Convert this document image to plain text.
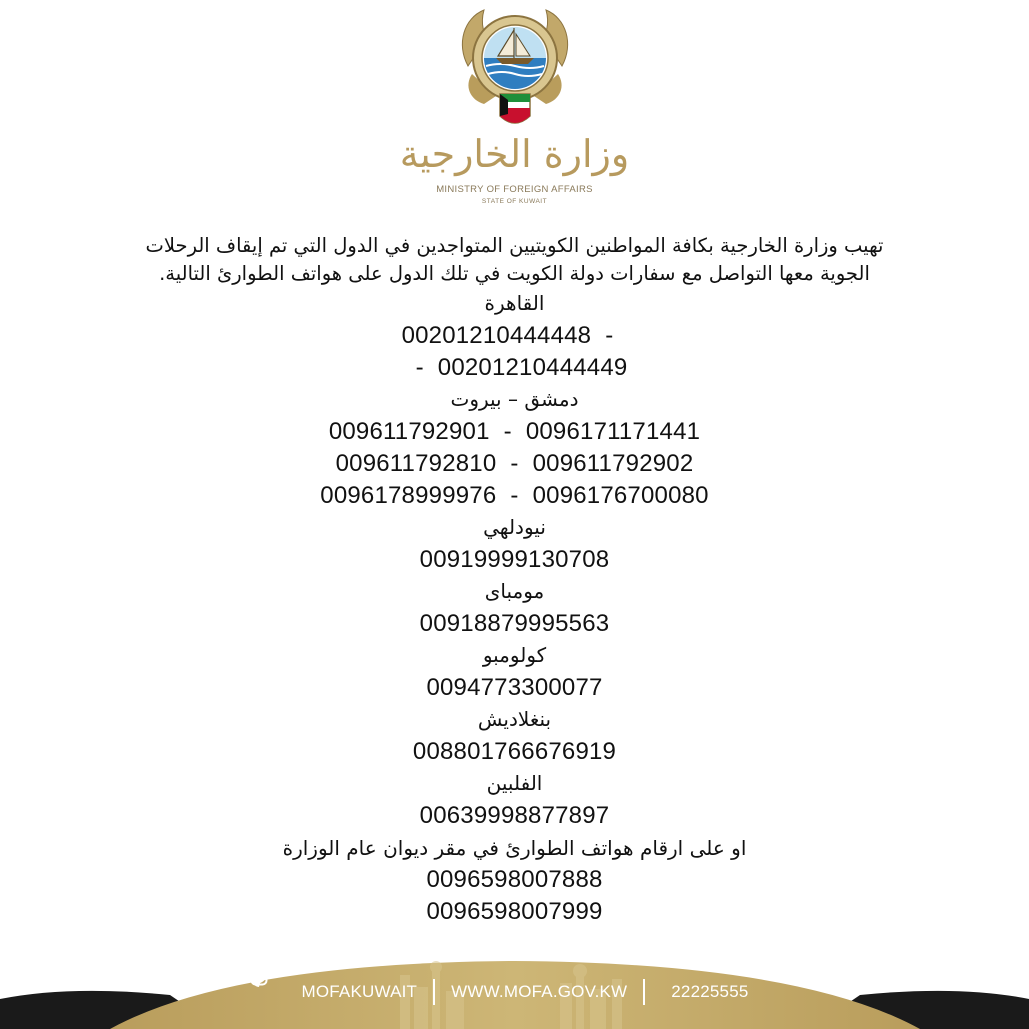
وزارة الخارجية
MINISTRY OF FOREIGN AFFAIRS
STATE OF KUWAIT
تهيب وزارة الخارجية بكافة المواطنين الكويتيين المتواجدين في الدول التي تم إيقاف الرحلات
الجوية معها التواصل مع سفارات دولة الكويت في تلك الدول على هواتف الطوارئ التالية.
القاهرة
00201210444448 -
- 00201210444449
دمشق – بيروت
009611792901 - 0096171171441
009611792810 - 009611792902
0096178999976 - 0096176700080
نيودلهي
00919999130708
مومباى
00918879995563
كولومبو
0094773300077
بنغلاديش
008801766676919
الفلبين
00639998877897
او على ارقام هواتف الطوارئ في مقر ديوان عام الوزارة
0096598007888
0096598007999
MOFAKUWAIT WWW.MOFA.GOV.KW	22225555
